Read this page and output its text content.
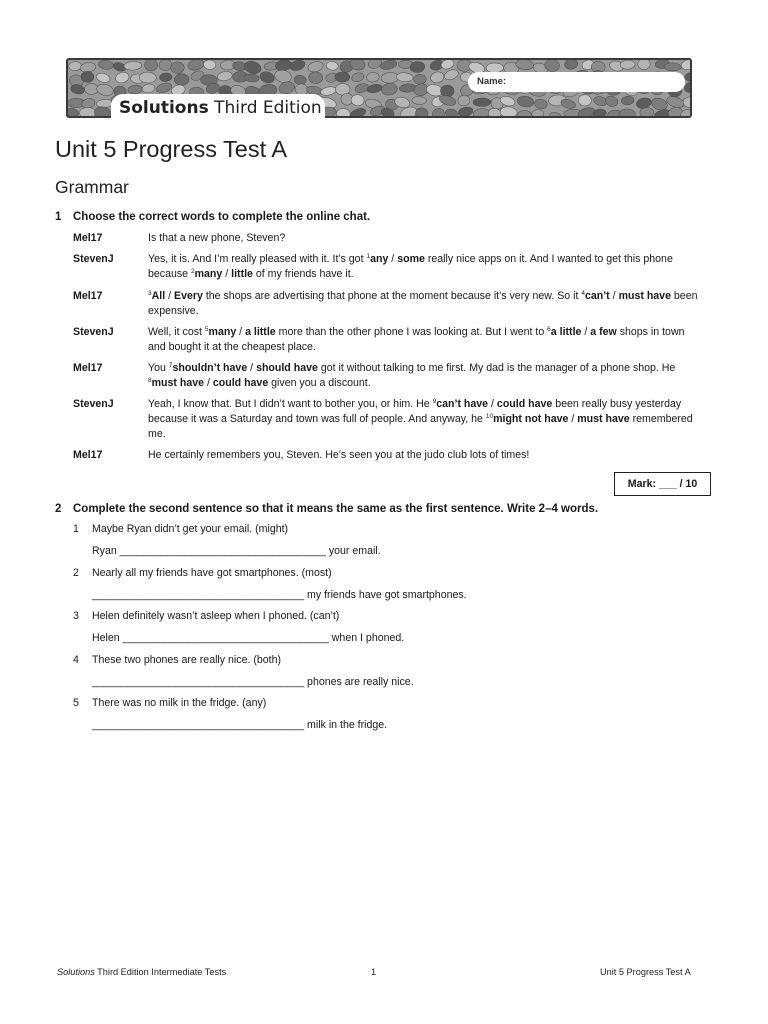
Name:
Solutions Third Edition
Unit 5 Progress Test A
Grammar
1 Choose the correct words to complete the online chat.
Mel17	Is that a new phone, Steven?
StevenJ	Yes, it is. And I’m really pleased with it. It’s got $^1$any / some really nice apps on it. And I wanted to get this phone because $^2$many / little of my friends have it.
Mel17	$^3$All / Every the shops are advertising that phone at the moment because it’s very new. So it $^4$can’t / must have been expensive.
StevenJ	Well, it cost $^5$many / a little more than the other phone I was looking at. But I went to $^6$a little / a few shops in town and bought it at the cheapest place.
Mel17	You $^7$shouldn’t have / should have got it without talking to me first. My dad is the manager of a phone shop. He $^8$must have / could have given you a discount.
StevenJ	Yeah, I know that. But I didn’t want to bother you, or him. He $^9$can’t have / could have been really busy yesterday because it was a Saturday and town was full of people. And anyway, he $^{10}$might not have / must have remembered me.
Mel17	He certainly remembers you, Steven. He’s seen you at the judo club lots of times!
Mark: ___ / 10
2 Complete the second sentence so that it means the same as the first sentence. Write 2–4 words.
1 Maybe Ryan didn’t get your email. (might)
Ryan ___________________________________ your email.
2 Nearly all my friends have got smartphones. (most)
____________________________________ my friends have got smartphones.
3 Helen definitely wasn’t asleep when I phoned. (can’t)
Helen ___________________________________ when I phoned.
4 These two phones are really nice. (both)
____________________________________ phones are really nice.
5 There was no milk in the fridge. (any)
____________________________________ milk in the fridge.
Solutions Third Edition Intermediate Tests	1	Unit 5 Progress Test A
